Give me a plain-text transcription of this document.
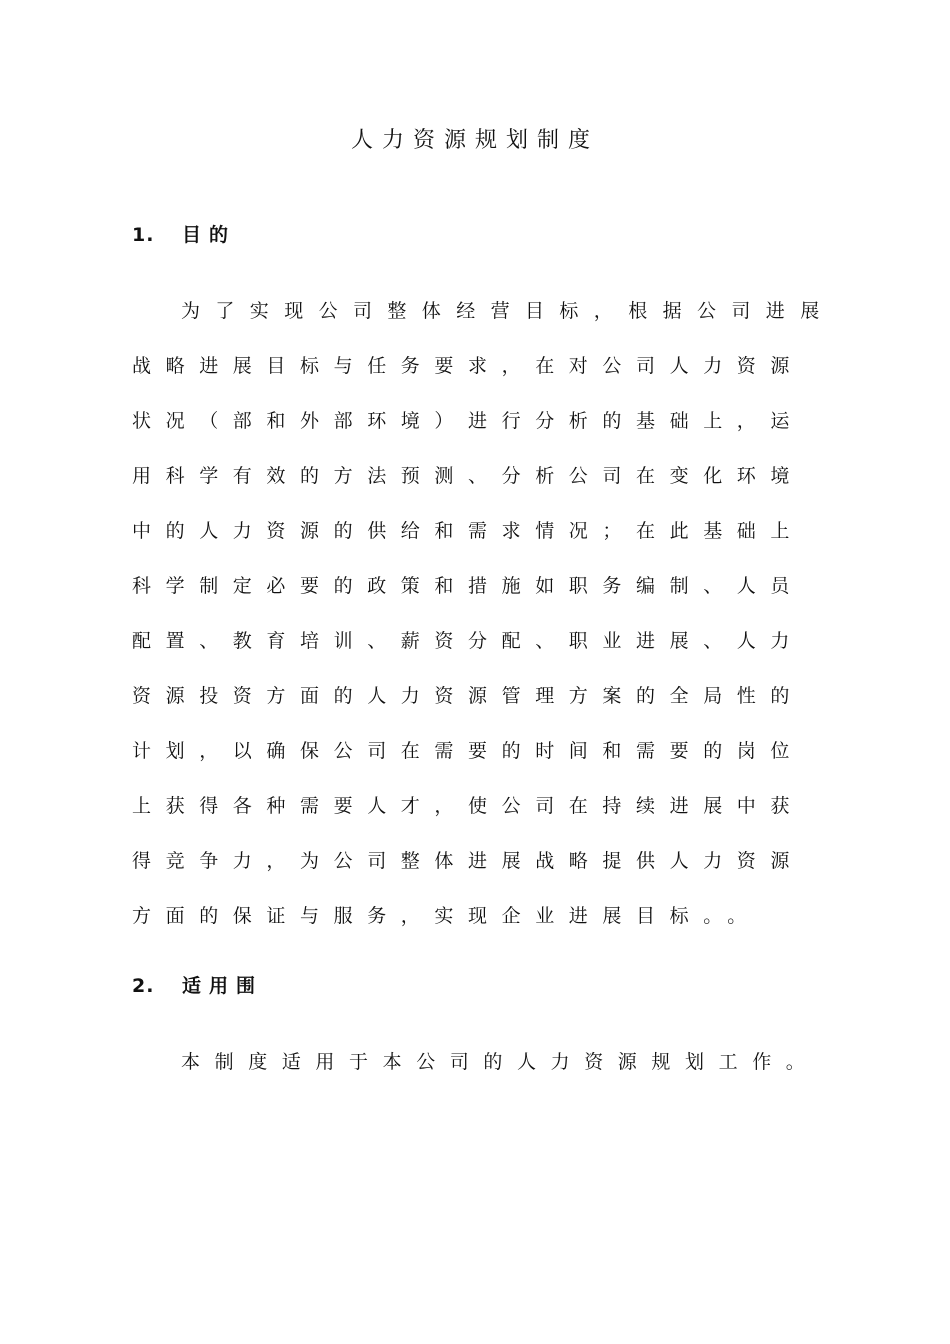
人力资源规划制度
1. 目的
为了实现公司整体经营目标，根据公司进展
战略进展目标与任务要求，在对公司人力资源
状况（部和外部环境）进行分析的基础上，运
用科学有效的方法预测、分析公司在变化环境
中的人力资源的供给和需求情况；在此基础上
科学制定必要的政策和措施如职务编制、人员
配置、教育培训、薪资分配、职业进展、人力
资源投资方面的人力资源管理方案的全局性的
计划，以确保公司在需要的时间和需要的岗位
上获得各种需要人才，使公司在持续进展中获
得竞争力，为公司整体进展战略提供人力资源
方面的保证与服务，实现企业进展目标。。
2. 适用围
本制度适用于本公司的人力资源规划工作。
